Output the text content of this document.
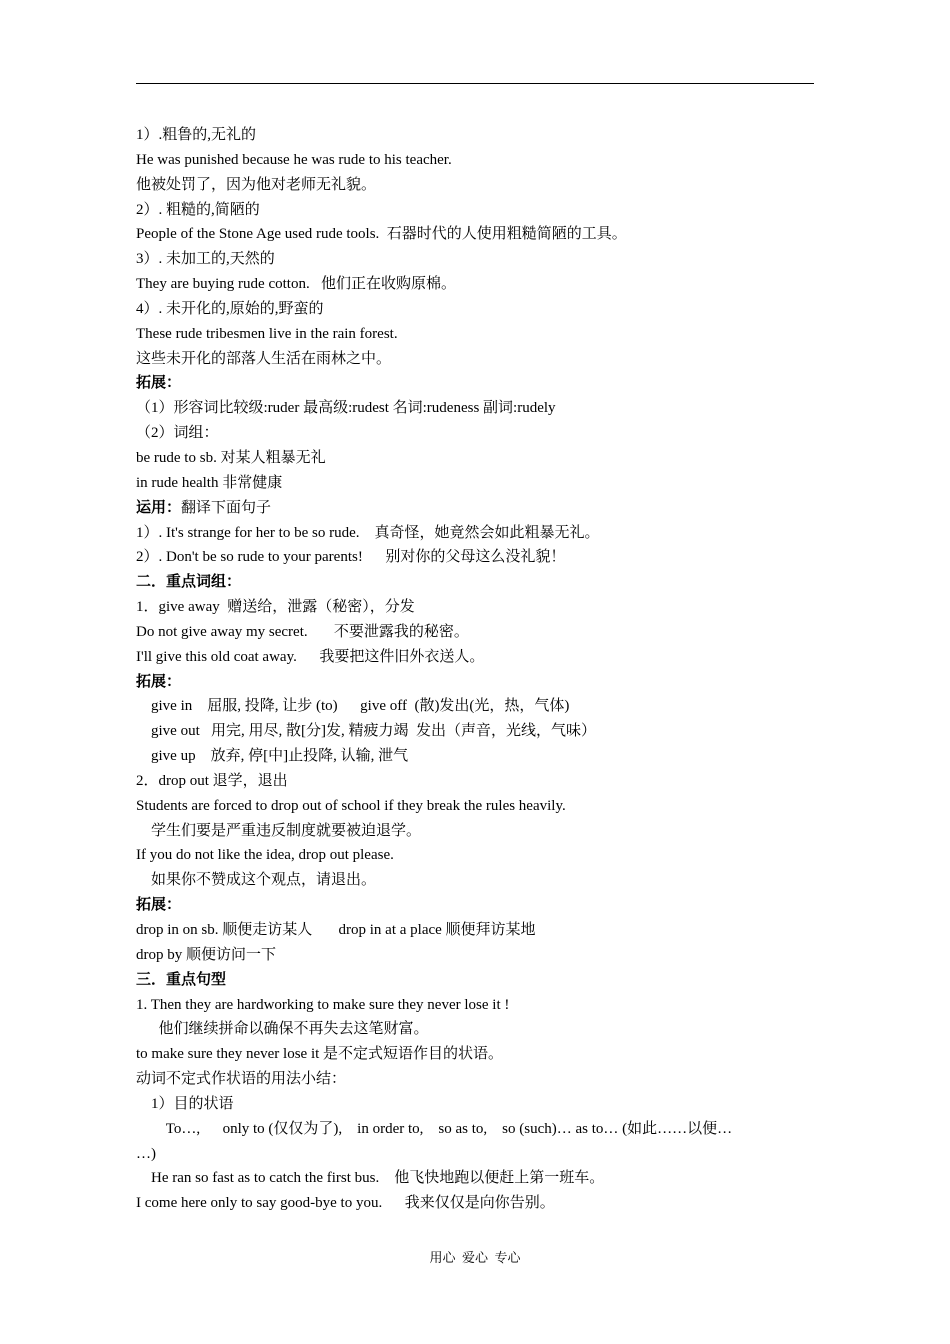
1）.粗鲁的,无礼的
He was punished because he was rude to his teacher.
他被处罚了，因为他对老师无礼貌。
2）. 粗糙的,简陋的
People of the Stone Age used rude tools.  石器时代的人使用粗糙简陋的工具。
3）. 未加工的,天然的
They are buying rude cotton.   他们正在收购原棉。
4）. 未开化的,原始的,野蛮的
These rude tribesmen live in the rain forest.
这些未开化的部落人生活在雨林之中。
拓展：
（1）形容词比较级:ruder 最高级:rudest 名词:rudeness 副词:rudely
（2）词组：
be rude to sb. 对某人粗暴无礼
in rude health 非常健康
运用：翻译下面句子
1）. It's strange for her to be so rude.    真奇怪，她竟然会如此粗暴无礼。
2）. Don't be so rude to your parents!      别对你的父母这么没礼貌！
二．重点词组：
1．give away  赠送给，泄露（秘密），分发
Do not give away my secret.       不要泄露我的秘密。
I'll give this old coat away.      我要把这件旧外衣送人。
拓展：
give in    屈服, 投降, 让步 (to)      give off  (散)发出(光，热，气体)
give out   用完, 用尽, 散[分]发, 精疲力竭  发出（声音，光线，气味）
give up    放弃, 停[中]止投降, 认输, 泄气
2．drop out 退学，退出
Students are forced to drop out of school if they break the rules heavily.
学生们要是严重违反制度就要被迫退学。
If you do not like the idea, drop out please.
如果你不赞成这个观点，请退出。
拓展：
drop in on sb. 顺便走访某人       drop in at a place 顺便拜访某地
drop by 顺便访问一下
三．重点句型
1. Then they are hardworking to make sure they never lose it !
他们继续拼命以确保不再失去这笔财富。
to make sure they never lose it 是不定式短语作目的状语。
动词不定式作状语的用法小结：
1）目的状语
To…,      only to (仅仅为了),    in order to,    so as to,    so (such)… as to… (如此……以便…
…)
He ran so fast as to catch the first bus.    他飞快地跑以便赶上第一班车。
I come here only to say good-bye to you.      我来仅仅是向你告别。
用心  爱心  专心
